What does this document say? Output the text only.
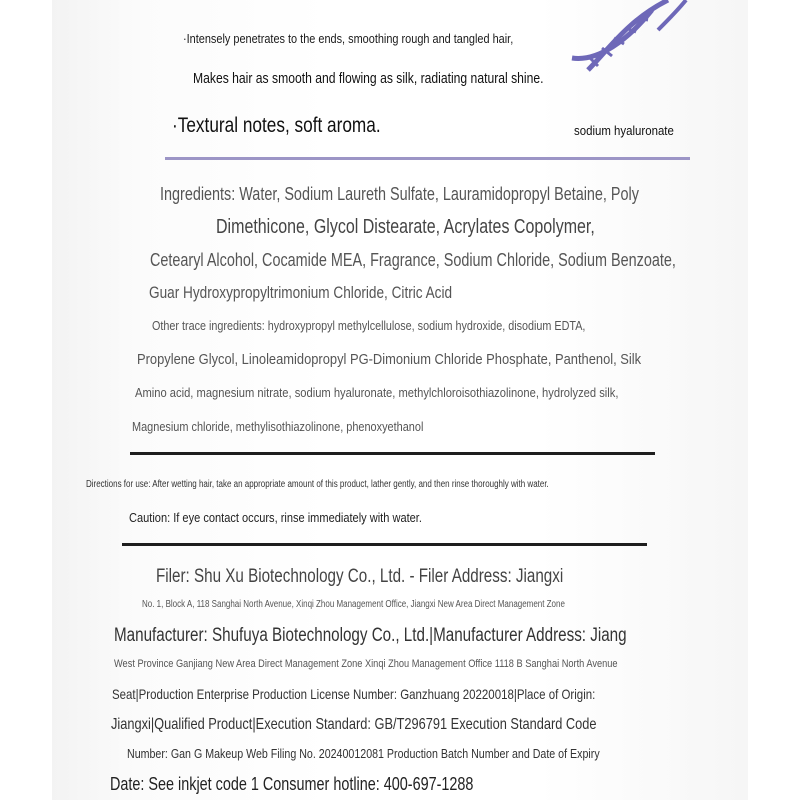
·Intensely penetrates to the ends, smoothing rough and tangled hair,
Makes hair as smooth and flowing as silk, radiating natural shine.
·Textural notes, soft aroma.	sodium hyaluronate
Ingredients: Water, Sodium Laureth Sulfate, Lauramidopropyl Betaine, Poly
Dimethicone, Glycol Distearate, Acrylates Copolymer,
Cetearyl Alcohol, Cocamide MEA, Fragrance, Sodium Chloride, Sodium Benzoate,
Guar Hydroxypropyltrimonium Chloride, Citric Acid
Other trace ingredients: hydroxypropyl methylcellulose, sodium hydroxide, disodium EDTA,
Propylene Glycol, Linoleamidopropyl PG-Dimonium Chloride Phosphate, Panthenol, Silk
Amino acid, magnesium nitrate, sodium hyaluronate, methylchloroisothiazolinone, hydrolyzed silk,
Magnesium chloride, methylisothiazolinone, phenoxyethanol
Directions for use: After wetting hair, take an appropriate amount of this product, lather gently, and then rinse thoroughly with water.
Caution: If eye contact occurs, rinse immediately with water.
Filer: Shu Xu Biotechnology Co., Ltd. - Filer Address: Jiangxi
No. 1, Block A, 118 Sanghai North Avenue, Xinqi Zhou Management Office, Jiangxi New Area Direct Management Zone
Manufacturer: Shufuya Biotechnology Co., Ltd.|Manufacturer Address: Jiang
West Province Ganjiang New Area Direct Management Zone Xinqi Zhou Management Office 1118 B Sanghai North Avenue
Seat|Production Enterprise Production License Number: Ganzhuang 20220018|Place of Origin:
Jiangxi|Qualified Product|Execution Standard: GB/T296791 Execution Standard Code
Number: Gan G Makeup Web Filing No. 20240012081 Production Batch Number and Date of Expiry
Date: See inkjet code 1 Consumer hotline: 400-697-1288
